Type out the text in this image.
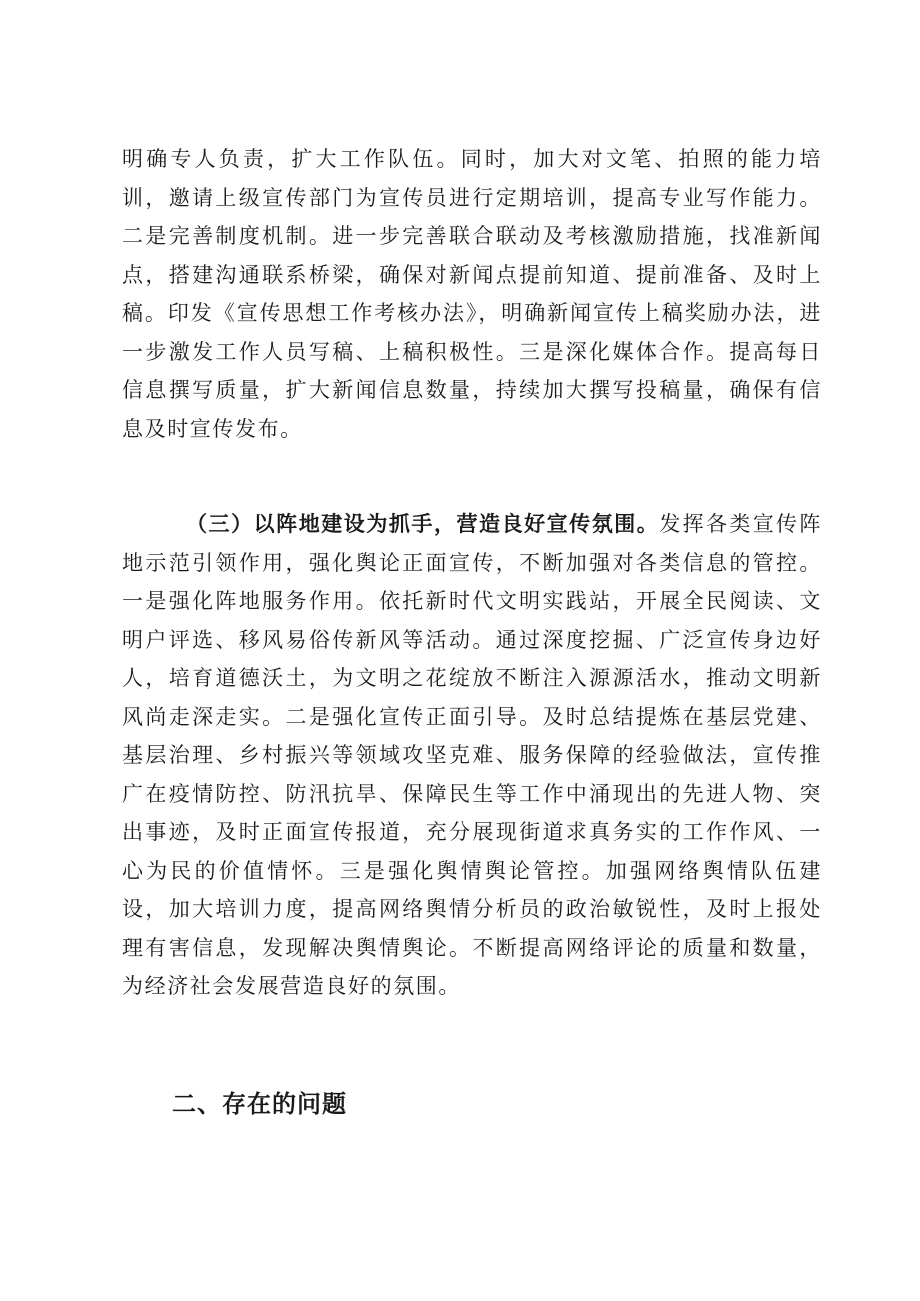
明确专人负责，扩大工作队伍。同时，加大对文笔、拍照的能力培训，邀请上级宣传部门为宣传员进行定期培训，提高专业写作能力。二是完善制度机制。进一步完善联合联动及考核激励措施，找准新闻点，搭建沟通联系桥梁，确保对新闻点提前知道、提前准备、及时上稿。印发《宣传思想工作考核办法》，明确新闻宣传上稿奖励办法，进一步激发工作人员写稿、上稿积极性。三是深化媒体合作。提高每日信息撰写质量，扩大新闻信息数量，持续加大撰写投稿量，确保有信息及时宣传发布。

（三）以阵地建设为抓手，营造良好宣传氛围。发挥各类宣传阵地示范引领作用，强化舆论正面宣传，不断加强对各类信息的管控。一是强化阵地服务作用。依托新时代文明实践站，开展全民阅读、文明户评选、移风易俗传新风等活动。通过深度挖掘、广泛宣传身边好人，培育道德沃土，为文明之花绽放不断注入源源活水，推动文明新风尚走深走实。二是强化宣传正面引导。及时总结提炼在基层党建、基层治理、乡村振兴等领域攻坚克难、服务保障的经验做法，宣传推广在疫情防控、防汛抗旱、保障民生等工作中涌现出的先进人物、突出事迹，及时正面宣传报道，充分展现街道求真务实的工作作风、一心为民的价值情怀。三是强化舆情舆论管控。加强网络舆情队伍建设，加大培训力度，提高网络舆情分析员的政治敏锐性，及时上报处理有害信息，发现解决舆情舆论。不断提高网络评论的质量和数量，为经济社会发展营造良好的氛围。

二、存在的问题
